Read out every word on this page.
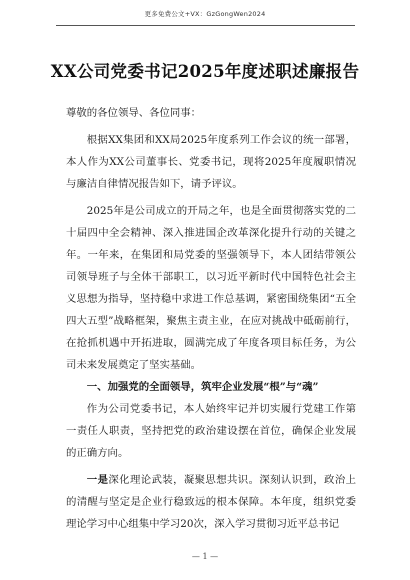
更多免费公文+VX：GzGongWen2024
XX公司党委书记2025年度述职述廉报告

尊敬的各位领导、各位同事：

根据XX集团和XX局2025年度系列工作会议的统一部署，本人作为XX公司董事长、党委书记，现将2025年度履职情况与廉洁自律情况报告如下，请予评议。

2025年是公司成立的开局之年，也是全面贯彻落实党的二十届四中全会精神、深入推进国企改革深化提升行动的关键之年。一年来，在集团和局党委的坚强领导下，本人团结带领公司领导班子与全体干部职工，以习近平新时代中国特色社会主义思想为指导，坚持稳中求进工作总基调，紧密围绕集团“五全四大五型”战略框架，聚焦主责主业，在应对挑战中砥砺前行，在抢抓机遇中开拓进取，圆满完成了年度各项目标任务，为公司未来发展奠定了坚实基础。

一、加强党的全面领导，筑牢企业发展“根”与“魂”

作为公司党委书记，本人始终牢记并切实履行党建工作第一责任人职责，坚持把党的政治建设摆在首位，确保企业发展的正确方向。

一是深化理论武装，凝聚思想共识。深刻认识到，政治上的清醒与坚定是企业行稳致远的根本保障。本年度，组织党委理论学习中心组集中学习20次，深入学习贯彻习近平总书记

— 1 —
